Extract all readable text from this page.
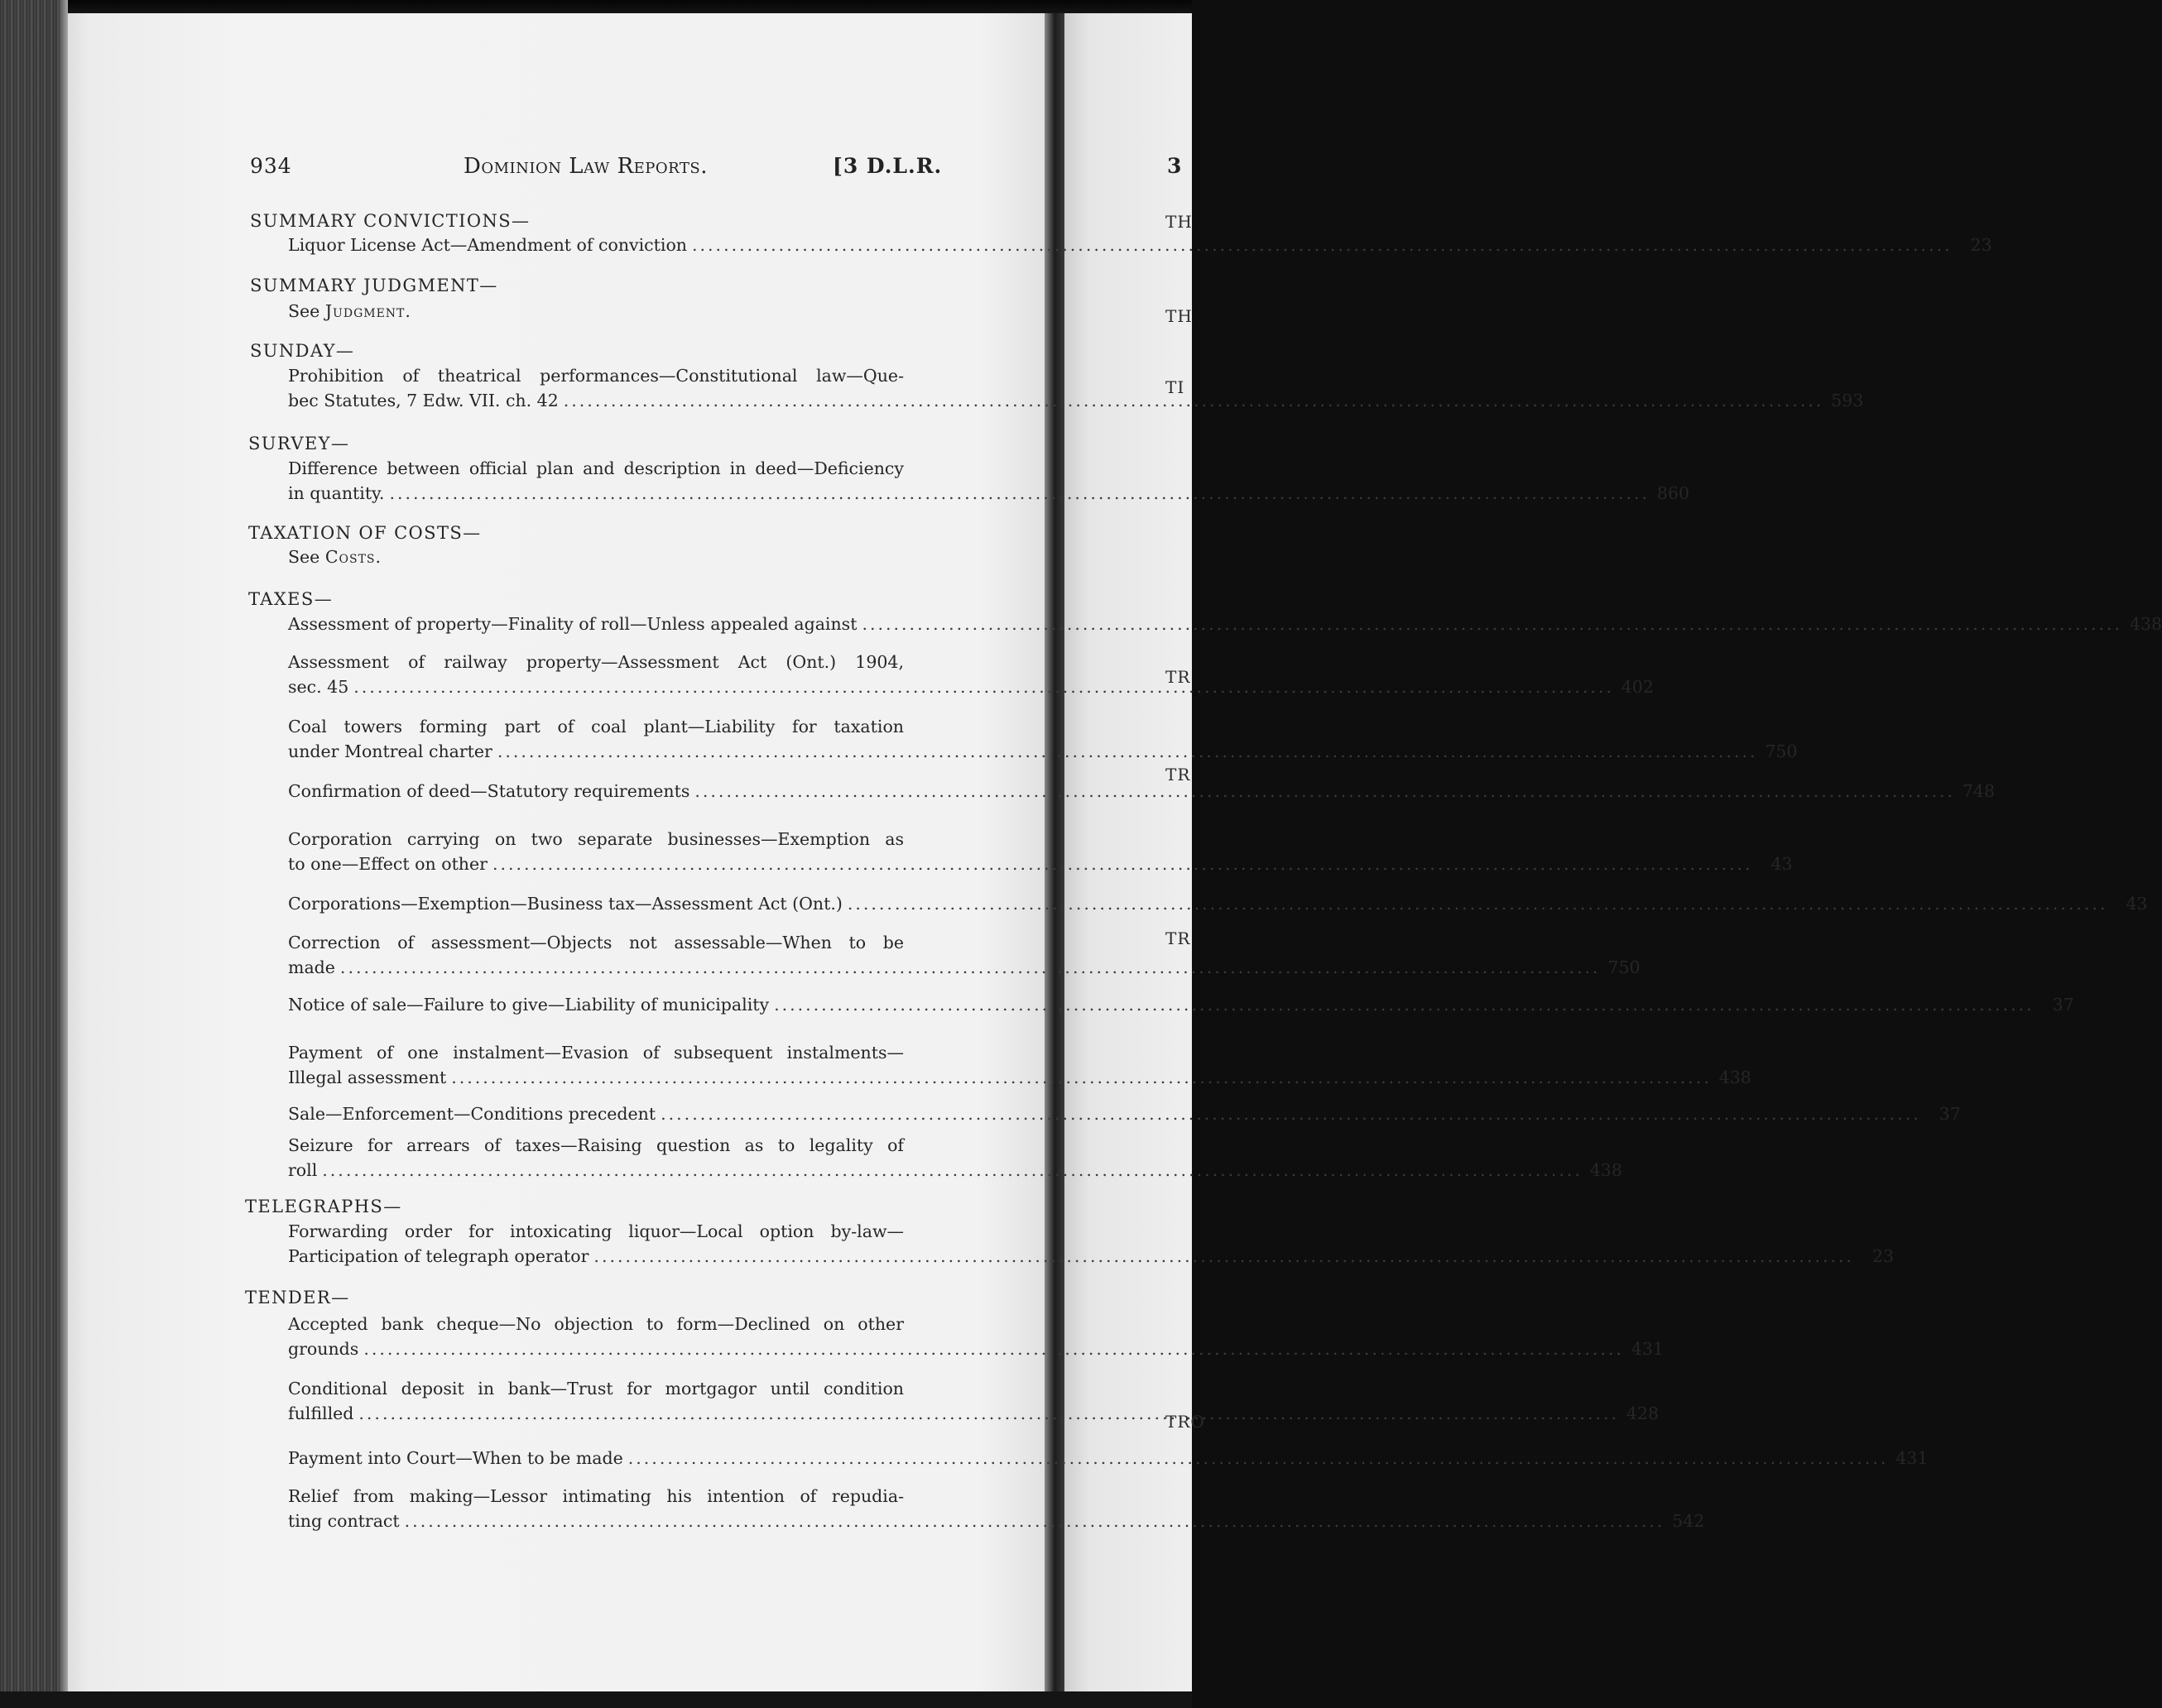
934	Dominion Law Reports.	[3 D.L.R.	3
SUMMARY CONVICTIONS—
Liquor License Act—Amendment of conviction .....	23
SUMMARY JUDGMENT—
See Judgment.
SUNDAY—
Prohibition of theatrical performances—Constitutional law—Que-
bec Statutes, 7 Edw. VII. ch. 42 .....	593
SURVEY—
Difference between official plan and description in deed—Deficiency
in quantity. .....	860
TAXATION OF COSTS—
See Costs.
TAXES—
Assessment of property—Finality of roll—Unless appealed against .....	438
Assessment of railway property—Assessment Act (Ont.) 1904,
sec. 45 .....	402
Coal towers forming part of coal plant—Liability for taxation
under Montreal charter .....	750
Confirmation of deed—Statutory requirements .....	748
Corporation carrying on two separate businesses—Exemption as
to one—Effect on other .....	43
Corporations—Exemption—Business tax—Assessment Act (Ont.) .....	43
Correction of assessment—Objects not assessable—When to be
made .....	750
Notice of sale—Failure to give—Liability of municipality .....	37
Payment of one instalment—Evasion of subsequent instalments—
Illegal assessment .....	438
Sale—Enforcement—Conditions precedent .....	37
Seizure for arrears of taxes—Raising question as to legality of
roll .....	438
TELEGRAPHS—
Forwarding order for intoxicating liquor—Local option by-law—
Participation of telegraph operator .....	23
TENDER—
Accepted bank cheque—No objection to form—Declined on other
grounds .....	431
Conditional deposit in bank—Trust for mortgagor until condition
fulfilled .....	428
Payment into Court—When to be made .....	431
Relief from making—Lessor intimating his intention of repudia-
ting contract .....	542
TH
TH
TI
TR
TR
TR
TRO
